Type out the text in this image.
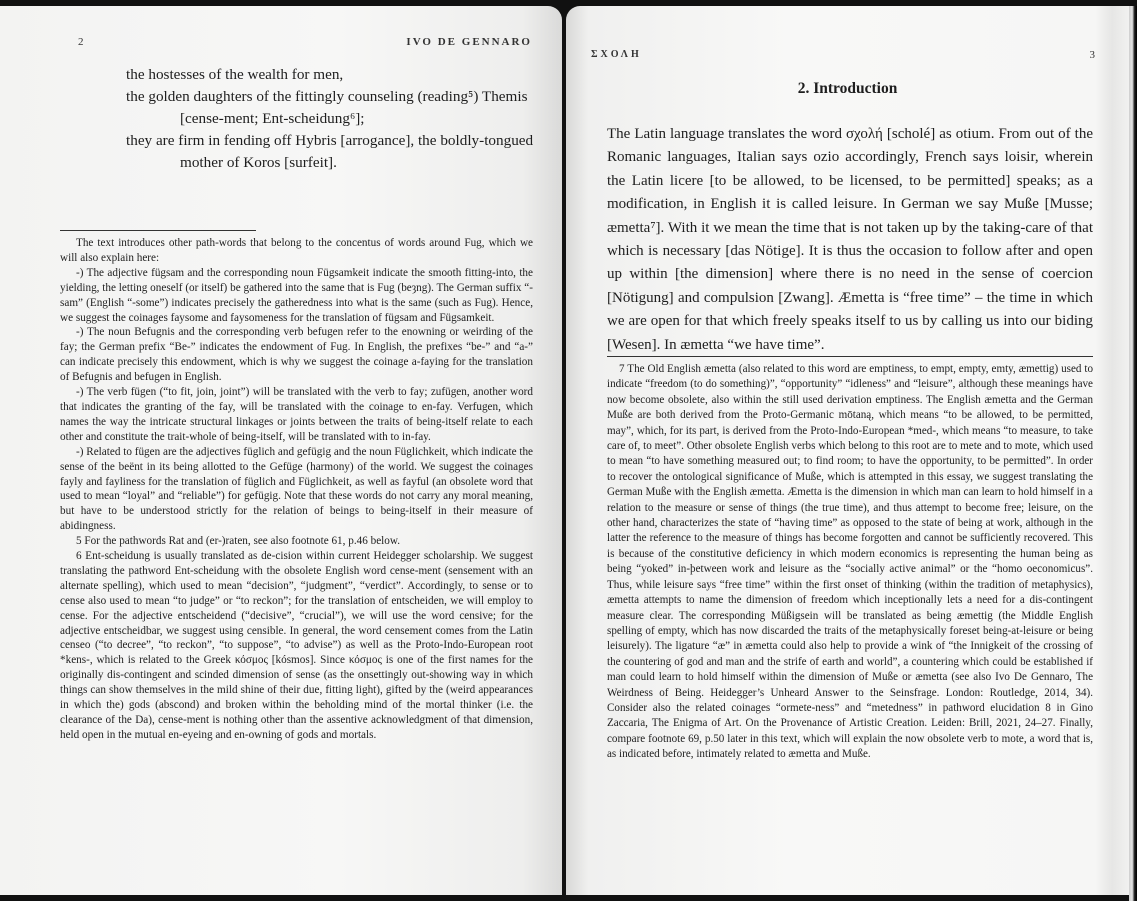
2	IVO DE GENNARO
the hostesses of the wealth for men,
the golden daughters of the fittingly counseling (reading⁵) Themis
[cense-ment; Ent-scheidung⁶];
they are firm in fending off Hybris [arrogance], the boldly-tongued
mother of Koros [surfeit].

The text introduces other path-words that belong to the concentus of words around Fug, which we will also explain here:

-) The adjective fügsam and the corresponding noun Fügsamkeit indicate the smooth fitting-into, the yielding, the letting oneself (or itself) be gathered into the same that is Fug (beȝng). The German suffix “-sam” (English “-some”) indicates precisely the gatheredness into what is the same (such as Fug). Hence, we suggest the coinages faysome and faysomeness for the translation of fügsam and Fügsamkeit.

-) The noun Befugnis and the corresponding verb befugen refer to the enowning or weirding of the fay; the German prefix “Be-” indicates the endowment of Fug. In English, the prefixes “be-” and “a-” can indicate precisely this endowment, which is why we suggest the coinage a-faying for the translation of Befugnis and befugen in English.

-) The verb fügen (“to fit, join, joint”) will be translated with the verb to fay; zufügen, another word that indicates the granting of the fay, will be translated with the coinage to en-fay. Verfugen, which names the way the intricate structural linkages or joints between the traits of being-itself relate to each other and constitute the trait-whole of being-itself, will be translated with to in-fay.

-) Related to fügen are the adjectives füglich and gefügig and the noun Füglichkeit, which indicate the sense of the beënt in its being allotted to the Gefüge (harmony) of the world. We suggest the coinages fayly and fayliness for the translation of füglich and Füglichkeit, as well as fayful (an obsolete word that used to mean “loyal” and “reliable”) for gefügig. Note that these words do not carry any moral meaning, but have to be understood strictly for the relation of beings to being-itself in their measure of abidingness.

5 For the pathwords Rat and (er-)raten, see also footnote 61, p.46 below.

6 Ent-scheidung is usually translated as de-cision within current Heidegger scholarship. We suggest translating the pathword Ent-scheidung with the obsolete English word cense-ment (sensement with an alternate spelling), which used to mean “decision”, “judgment”, “verdict”. Accordingly, to sense or to cense also used to mean “to judge” or “to reckon”; for the translation of entscheiden, we will employ to cense. For the adjective entscheidend (“decisive”, “crucial”), we will use the word censive; for the adjective entscheidbar, we suggest using censible. In general, the word censement comes from the Latin censeo (“to decree”, “to reckon”, “to suppose”, “to advise”) as well as the Proto-Indo-European root *kens-, which is related to the Greek κόσμος [kósmos]. Since κόσμος is one of the first names for the originally dis-contingent and scinded dimension of sense (as the onsettingly out-showing way in which things can show themselves in the mild shine of their due, fitting light), gifted by the (weird appearances in which the) gods (abscond) and broken within the beholding mind of the mortal thinker (i.e. the clearance of the Da), cense-ment is nothing other than the assentive acknowledgment of that dimension, held open in the mutual en-eyeing and en-owning of gods and mortals.

ΣΧΟΛΗ	3
2. Introduction

The Latin language translates the word σχολή [scholé] as otium. From out of the Romanic languages, Italian says ozio accordingly, French says loisir, wherein the Latin licere [to be allowed, to be licensed, to be permitted] speaks; as a modification, in English it is called leisure. In German we say Muße [Musse; æmetta⁷]. With it we mean the time that is not taken up by the taking-care of that which is necessary [das Nötige]. It is thus the occasion to follow after and open up within [the dimension] where there is no need in the sense of coercion [Nötigung] and compulsion [Zwang]. Æmetta is “free time” – the time in which we are open for that which freely speaks itself to us by calling us into our biding [Wesen]. In æmetta “we have time”.

7 The Old English æmetta (also related to this word are emptiness, to empt, empty, emty, æmettig) used to indicate “freedom (to do something)”, “opportunity” “idleness” and “leisure”, although these meanings have now become obsolete, also within the still used derivation emptiness. The English æmetta and the German Muße are both derived from the Proto-Germanic mōtaną, which means “to be allowed, to be permitted, may”, which, for its part, is derived from the Proto-Indo-European *med-, which means “to measure, to take care of, to meet”. Other obsolete English verbs which belong to this root are to mete and to mote, which used to mean “to have something measured out; to find room; to have the opportunity, to be permitted”. In order to recover the ontological significance of Muße, which is attempted in this essay, we suggest translating the German Muße with the English æmetta. Æmetta is the dimension in which man can learn to hold himself in a relation to the measure or sense of things (the true time), and thus attempt to become free; leisure, on the other hand, characterizes the state of “having time” as opposed to the state of being at work, although in the latter the reference to the measure of things has become forgotten and cannot be sufficiently recovered. This is because of the constitutive deficiency in which modern economics is representing the human being as being “yoked” in-þetween work and leisure as the “socially active animal” or the “homo oeconomicus”. Thus, while leisure says “free time” within the first onset of thinking (within the tradition of metaphysics), æmetta attempts to name the dimension of freedom which inceptionally lets a need for a dis-contingent measure clear. The corresponding Müßigsein will be translated as being æmettig (the Middle English spelling of empty, which has now discarded the traits of the metaphysically foreset being-at-leisure or being leisurely). The ligature “æ” in æmetta could also help to provide a wink of “the Innigkeit of the crossing of the countering of god and man and the strife of earth and world”, a countering which could be established if man could learn to hold himself within the dimension of Muße or æmetta (see also Ivo De Gennaro, The Weirdness of Being. Heidegger’s Unheard Answer to the Seinsfrage. London: Routledge, 2014, 34). Consider also the related coinages “ormete-ness” and “metedness” in pathword elucidation 8 in Gino Zaccaria, The Enigma of Art. On the Provenance of Artistic Creation. Leiden: Brill, 2021, 24–27. Finally, compare footnote 69, p.50 later in this text, which will explain the now obsolete verb to mote, a word that is, as indicated before, intimately related to æmetta and Muße.
